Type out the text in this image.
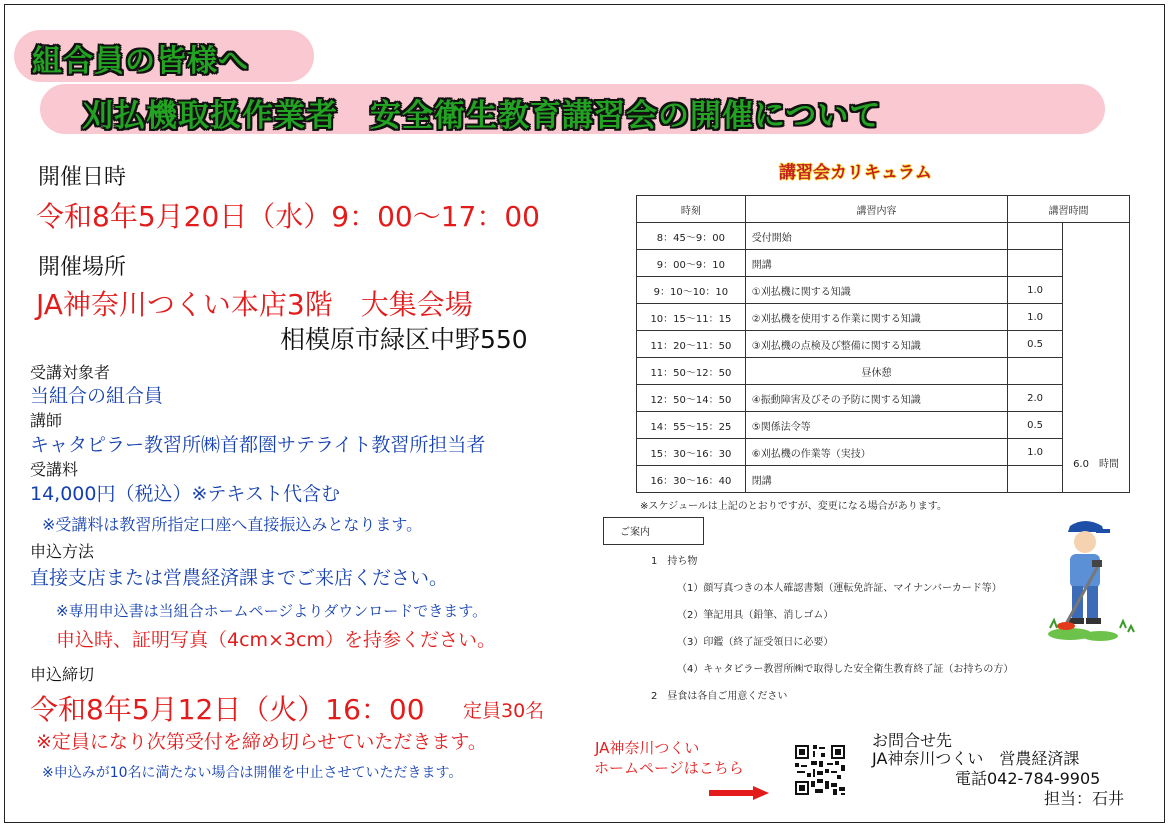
組合員の皆様へ
刈払機取扱作業者　安全衛生教育講習会の開催について
開催日時
令和8年5月20日（水）9：00～17：00
開催場所
JA神奈川つくい本店3階　大集会場
相模原市緑区中野550
受講対象者
当組合の組合員
講師
キャタピラー教習所㈱首都圏サテライト教習所担当者
受講料
14,000円（税込）※テキスト代含む
※受講料は教習所指定口座へ直接振込みとなります。
申込方法
直接支店または営農経済課までご来店ください。
※専用申込書は当組合ホームページよりダウンロードできます。
申込時、証明写真（4cm×3cm）を持参ください。
申込締切
令和8年5月12日（火）16：00 定員30名
※定員になり次第受付を締め切らせていただきます。
※申込みが10名に満たない場合は開催を中止させていただきます。
講習会カリキュラム
時刻	講習内容	講習時間	
8：45～9：00	受付開始		6.0　時間
9：00～9：10	開講		
9：10～10：10	①刈払機に関する知識	1.0	
10：15～11：15	②刈払機を使用する作業に関する知識	1.0	
11：20～11：50	③刈払機の点検及び整備に関する知識	0.5	
11：50～12：50	昼休憩		
12：50～14：50	④振動障害及びその予防に関する知識	2.0	
14：55～15：25	⑤関係法令等	0.5	
15：30～16：30	⑥刈払機の作業等（実技）	1.0	
16：30～16：40	閉講		
※スケジュールは上記のとおりですが、変更になる場合があります。
ご案内
1　持ち物
（1）顔写真つきの本人確認書類（運転免許証、マイナンバーカード等）
（2）筆記用具（鉛筆、消しゴム）
（3）印鑑（終了証受領日に必要）
（4）キャタピラー教習所㈱で取得した安全衛生教育終了証（お持ちの方）
2　昼食は各自ご用意ください
JA神奈川つくい
ホームページはこちら
お問合せ先
JA神奈川つくい　営農経済課
電話042-784-9905
担当：石井
